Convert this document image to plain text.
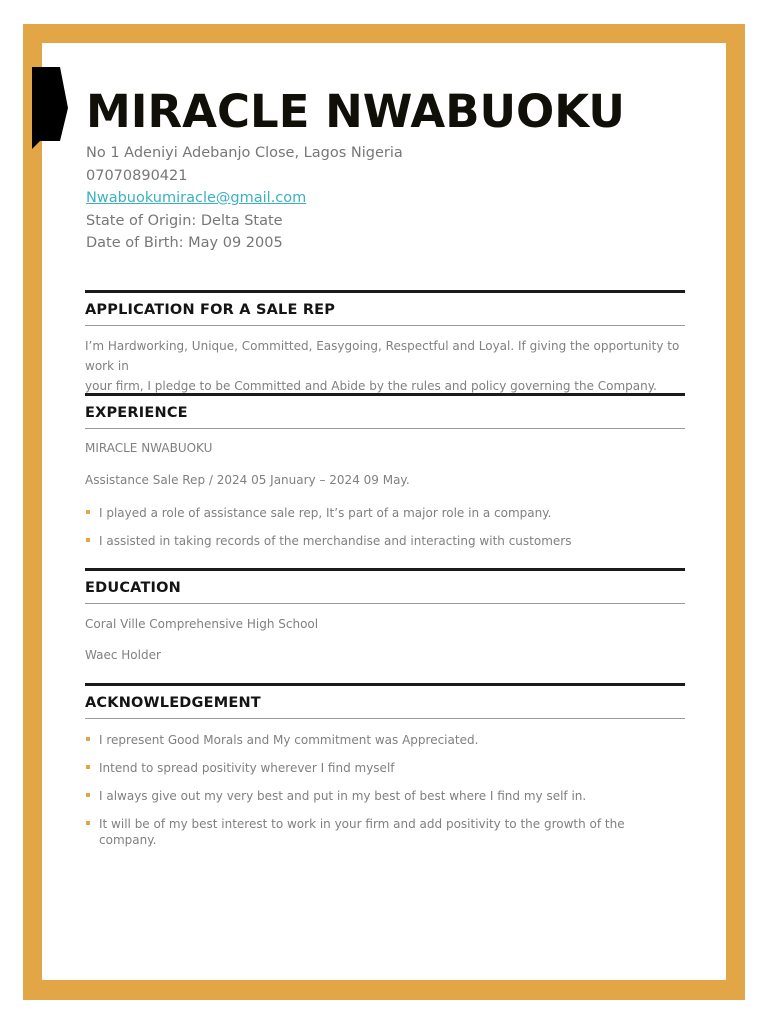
MIRACLE NWABUOKU
No 1 Adeniyi Adebanjo Close, Lagos Nigeria
07070890421
Nwabuokumiracle@gmail.com
State of Origin: Delta State
Date of Birth: May 09 2005
APPLICATION FOR A SALE REP
I’m Hardworking, Unique, Committed, Easygoing, Respectful and Loyal. If giving the opportunity to work in
your firm, I pledge to be Committed and Abide by the rules and policy governing the Company.
EXPERIENCE
MIRACLE NWABUOKU
Assistance Sale Rep / 2024 05 January – 2024 09 May.
I played a role of assistance sale rep, It’s part of a major role in a company.
I assisted in taking records of the merchandise and interacting with customers
EDUCATION
Coral Ville Comprehensive High School
Waec Holder
ACKNOWLEDGEMENT
I represent Good Morals and My commitment was Appreciated.
Intend to spread positivity wherever I find myself
I always give out my very best and put in my best of best where I find my self in.
It will be of my best interest to work in your firm and add positivity to the growth of the company.
